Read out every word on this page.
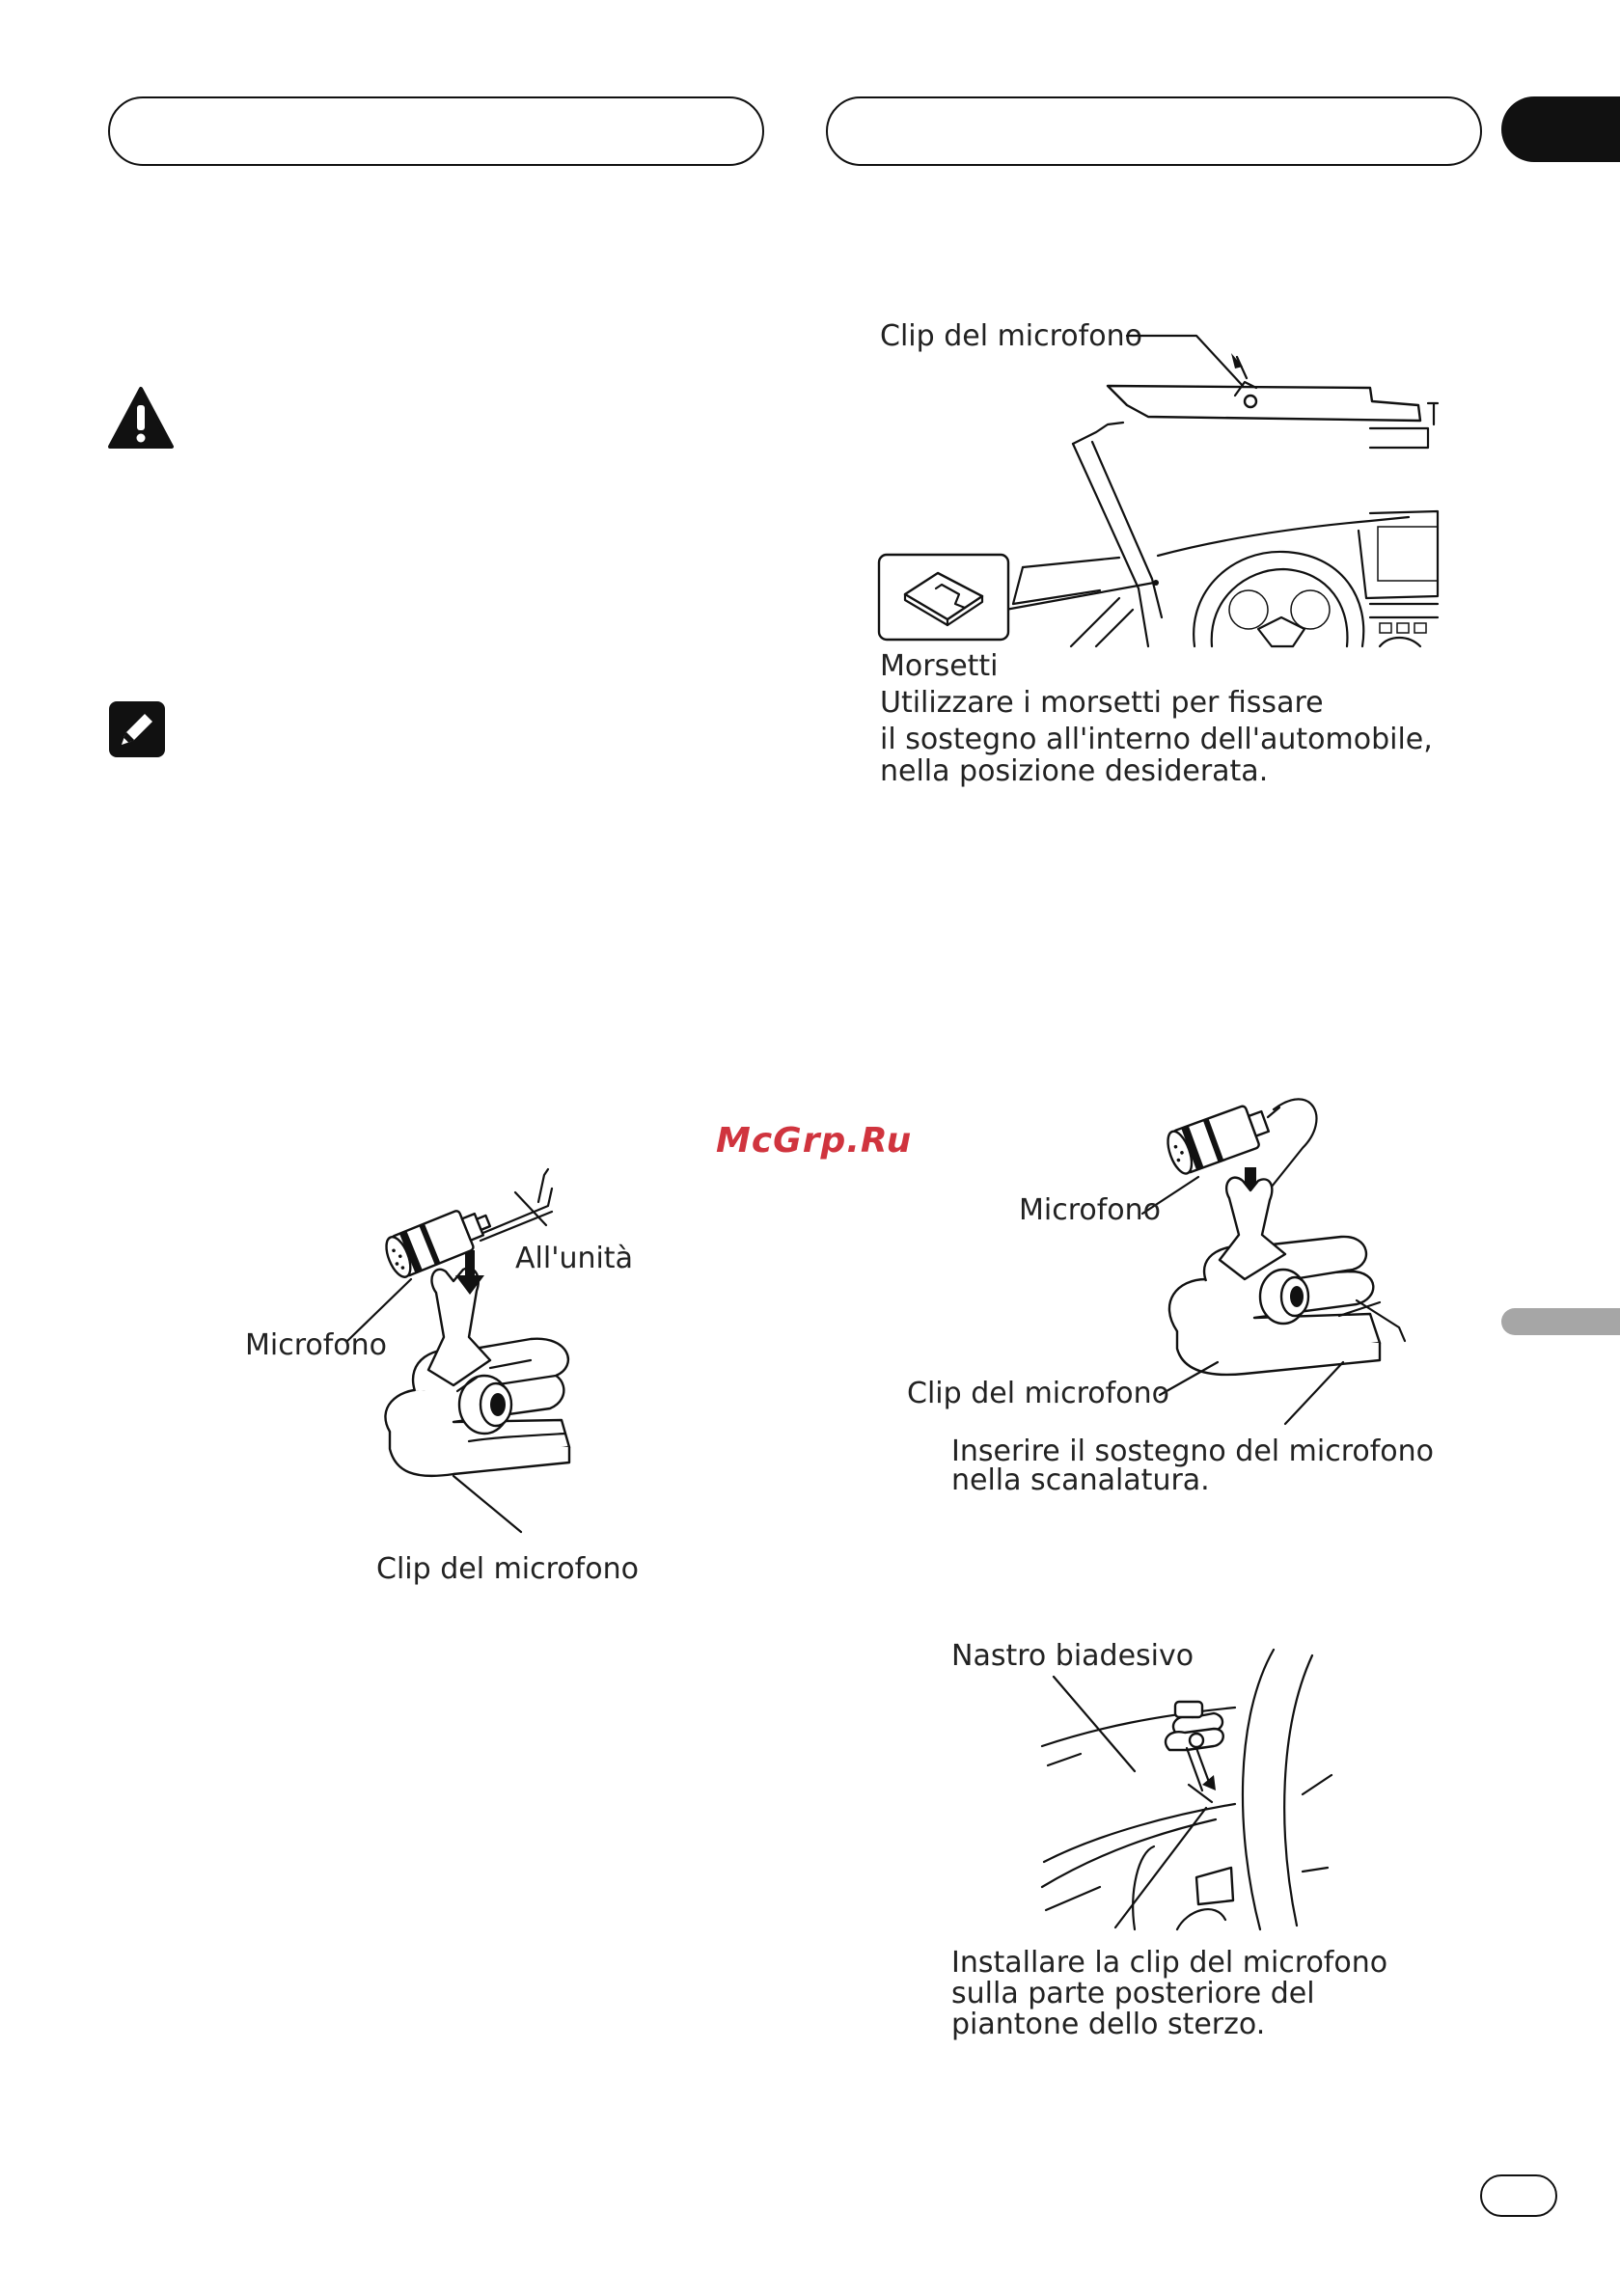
McGrp.Ru
Clip del microfono
Morsetti
Utilizzare i morsetti per fissare
il sostegno all'interno dell'automobile,
nella posizione desiderata.
All'unità
Microfono
Clip del microfono
Microfono
Clip del microfono
Inserire il sostegno del microfono
nella scanalatura.
Nastro biadesivo
Installare la clip del microfono
sulla parte posteriore del
piantone dello sterzo.
